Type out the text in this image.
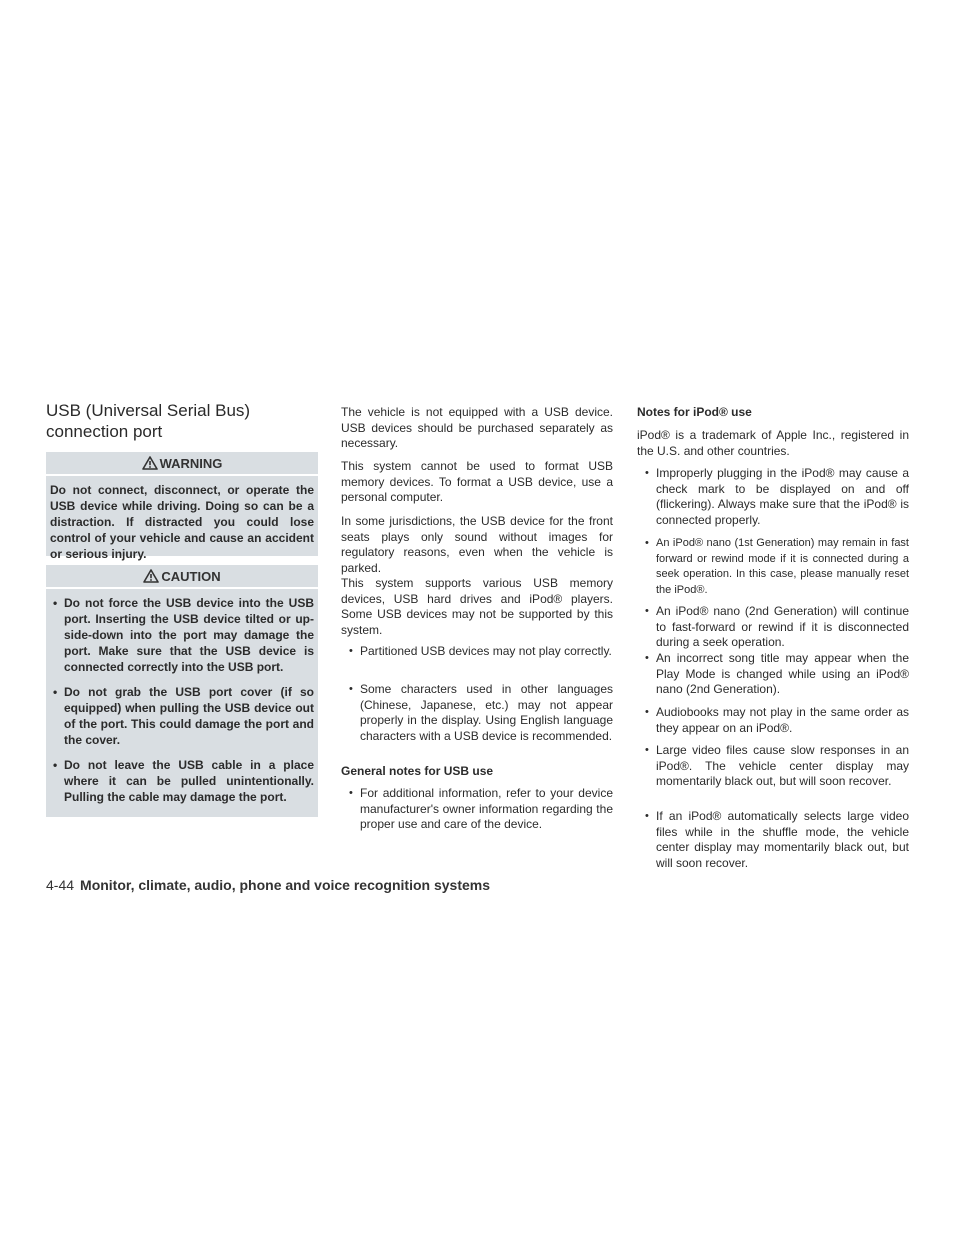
USB (Universal Serial Bus) connection port
WARNING
Do not connect, disconnect, or operate the USB device while driving. Doing so can be a distraction. If distracted you could lose control of your vehicle and cause an accident or serious injury.
CAUTION
• Do not force the USB device into the USB port. Inserting the USB device tilted or up-side-down into the port may damage the port. Make sure that the USB device is connected correctly into the USB port.
• Do not grab the USB port cover (if so equipped) when pulling the USB device out of the port. This could damage the port and the cover.
• Do not leave the USB cable in a place where it can be pulled unintentionally. Pulling the cable may damage the port.

The vehicle is not equipped with a USB device. USB devices should be purchased separately as necessary.

This system cannot be used to format USB memory devices. To format a USB device, use a personal computer.

In some jurisdictions, the USB device for the front seats plays only sound without images for regulatory reasons, even when the vehicle is parked.

This system supports various USB memory devices, USB hard drives and iPod® players. Some USB devices may not be supported by this system.

• Partitioned USB devices may not play correctly.

• Some characters used in other languages (Chinese, Japanese, etc.) may not appear properly in the display. Using English language characters with a USB device is recommended.

General notes for USB use

• For additional information, refer to your device manufacturer's owner information regarding the proper use and care of the device.

Notes for iPod® use

iPod® is a trademark of Apple Inc., registered in the U.S. and other countries.

• Improperly plugging in the iPod® may cause a check mark to be displayed on and off (flickering). Always make sure that the iPod® is connected properly.

• An iPod® nano (1st Generation) may remain in fast forward or rewind mode if it is connected during a seek operation. In this case, please manually reset the iPod®.

• An iPod® nano (2nd Generation) will continue to fast-forward or rewind if it is disconnected during a seek operation.

• An incorrect song title may appear when the Play Mode is changed while using an iPod® nano (2nd Generation).

• Audiobooks may not play in the same order as they appear on an iPod®.

• Large video files cause slow responses in an iPod®. The vehicle center display may momentarily black out, but will soon recover.

• If an iPod® automatically selects large video files while in the shuffle mode, the vehicle center display may momentarily black out, but will soon recover.

4-44 Monitor, climate, audio, phone and voice recognition systems
